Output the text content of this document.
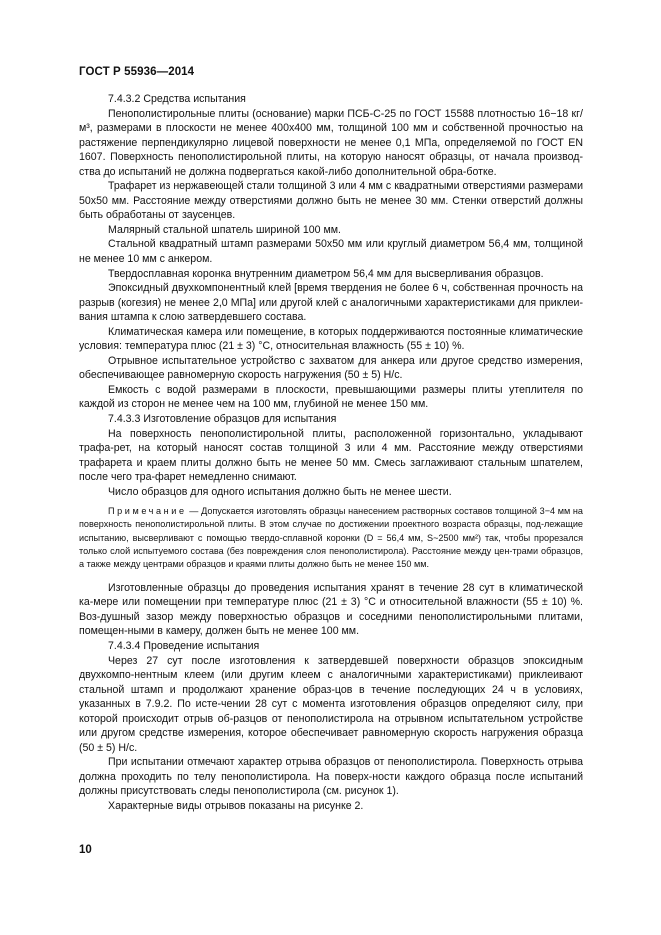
ГОСТ Р 55936—2014

7.4.3.2 Средства испытания

Пенополистирольные плиты (основание) марки ПСБ-С-25 по ГОСТ 15588 плотностью 16−18 кг/м³, размерами в плоскости не менее 400х400 мм, толщиной 100 мм и собственной прочностью на растяжение перпендикулярно лицевой поверхности не менее 0,1 МПа, определяемой по ГОСТ EN 1607. Поверхность пенополистирольной плиты, на которую наносят образцы, от начала производ-ства до испытаний не должна подвергаться какой-либо дополнительной обра-ботке.

Трафарет из нержавеющей стали толщиной 3 или 4 мм с квадратными отверстиями размерами 50х50 мм. Расстояние между отверстиями должно быть не менее 30 мм. Стенки отверстий должны быть обработаны от заусенцев.

Малярный стальной шпатель шириной 100 мм.

Стальной квадратный штамп размерами 50х50 мм или круглый диаметром 56,4 мм, толщиной не менее 10 мм с анкером.

Твердосплавная коронка внутренним диаметром 56,4 мм для высверливания образцов.

Эпоксидный двухкомпонентный клей [время твердения не более 6 ч, собственная прочность на разрыв (когезия) не менее 2,0 МПа] или другой клей с аналогичными характеристиками для приклеи-вания штампа к слою затвердевшего состава.

Климатическая камера или помещение, в которых поддерживаются постоянные климатические условия: температура плюс (21 ± 3) °С, относительная влажность (55 ± 10) %.

Отрывное испытательное устройство с захватом для анкера или другое средство измерения, обеспечивающее равномерную скорость нагружения (50 ± 5) Н/с.

Емкость с водой размерами в плоскости, превышающими размеры плиты утеплителя по каждой из сторон не менее чем на 100 мм, глубиной не менее 150 мм.

7.4.3.3 Изготовление образцов для испытания

На поверхность пенополистирольной плиты, расположенной горизонтально, укладывают трафа-рет, на который наносят состав толщиной 3 или 4 мм. Расстояние между отверстиями трафарета и краем плиты должно быть не менее 50 мм. Смесь заглаживают стальным шпателем, после чего тра-фарет немедленно снимают.

Число образцов для одного испытания должно быть не менее шести.

Примечание — Допускается изготовлять образцы нанесением растворных составов толщиной 3−4 мм на поверхность пенополистирольной плиты. В этом случае по достижении проектного возраста образцы, под-лежащие испытанию, высверливают с помощью твердо-сплавной коронки (D = 56,4 мм, S~2500 мм²) так, чтобы прорезался только слой испытуемого состава (без повреждения слоя пенополистирола). Расстояние между цен-трами образцов, а также между центрами образцов и краями плиты должно быть не менее 150 мм.

Изготовленные образцы до проведения испытания хранят в течение 28 сут в климатической ка-мере или помещении при температуре плюс (21 ± 3) °С и относительной влажности (55 ± 10) %. Воз-душный зазор между поверхностью образцов и соседними пенополистирольными плитами, помещен-ными в камеру, должен быть не менее 100 мм.

7.4.3.4 Проведение испытания

Через 27 сут после изготовления к затвердевшей поверхности образцов эпоксидным двухкомпо-нентным клеем (или другим клеем с аналогичными характеристиками) приклеивают стальной штамп и продолжают хранение образ-цов в течение последующих 24 ч в условиях, указанных в 7.9.2. По исте-чении 28 сут с момента изготовления образцов определяют силу, при которой происходит отрыв об-разцов от пенополистирола на отрывном испытательном устройстве или другом средстве измерения, которое обеспечивает равномерную скорость нагружения образца (50 ± 5) Н/с.

При испытании отмечают характер отрыва образцов от пенополистирола. Поверхность отрыва должна проходить по телу пенополистирола. На поверх-ности каждого образца после испытаний должны присутствовать следы пенополистирола (см. рисунок 1).

Характерные виды отрывов показаны на рисунке 2.

10
